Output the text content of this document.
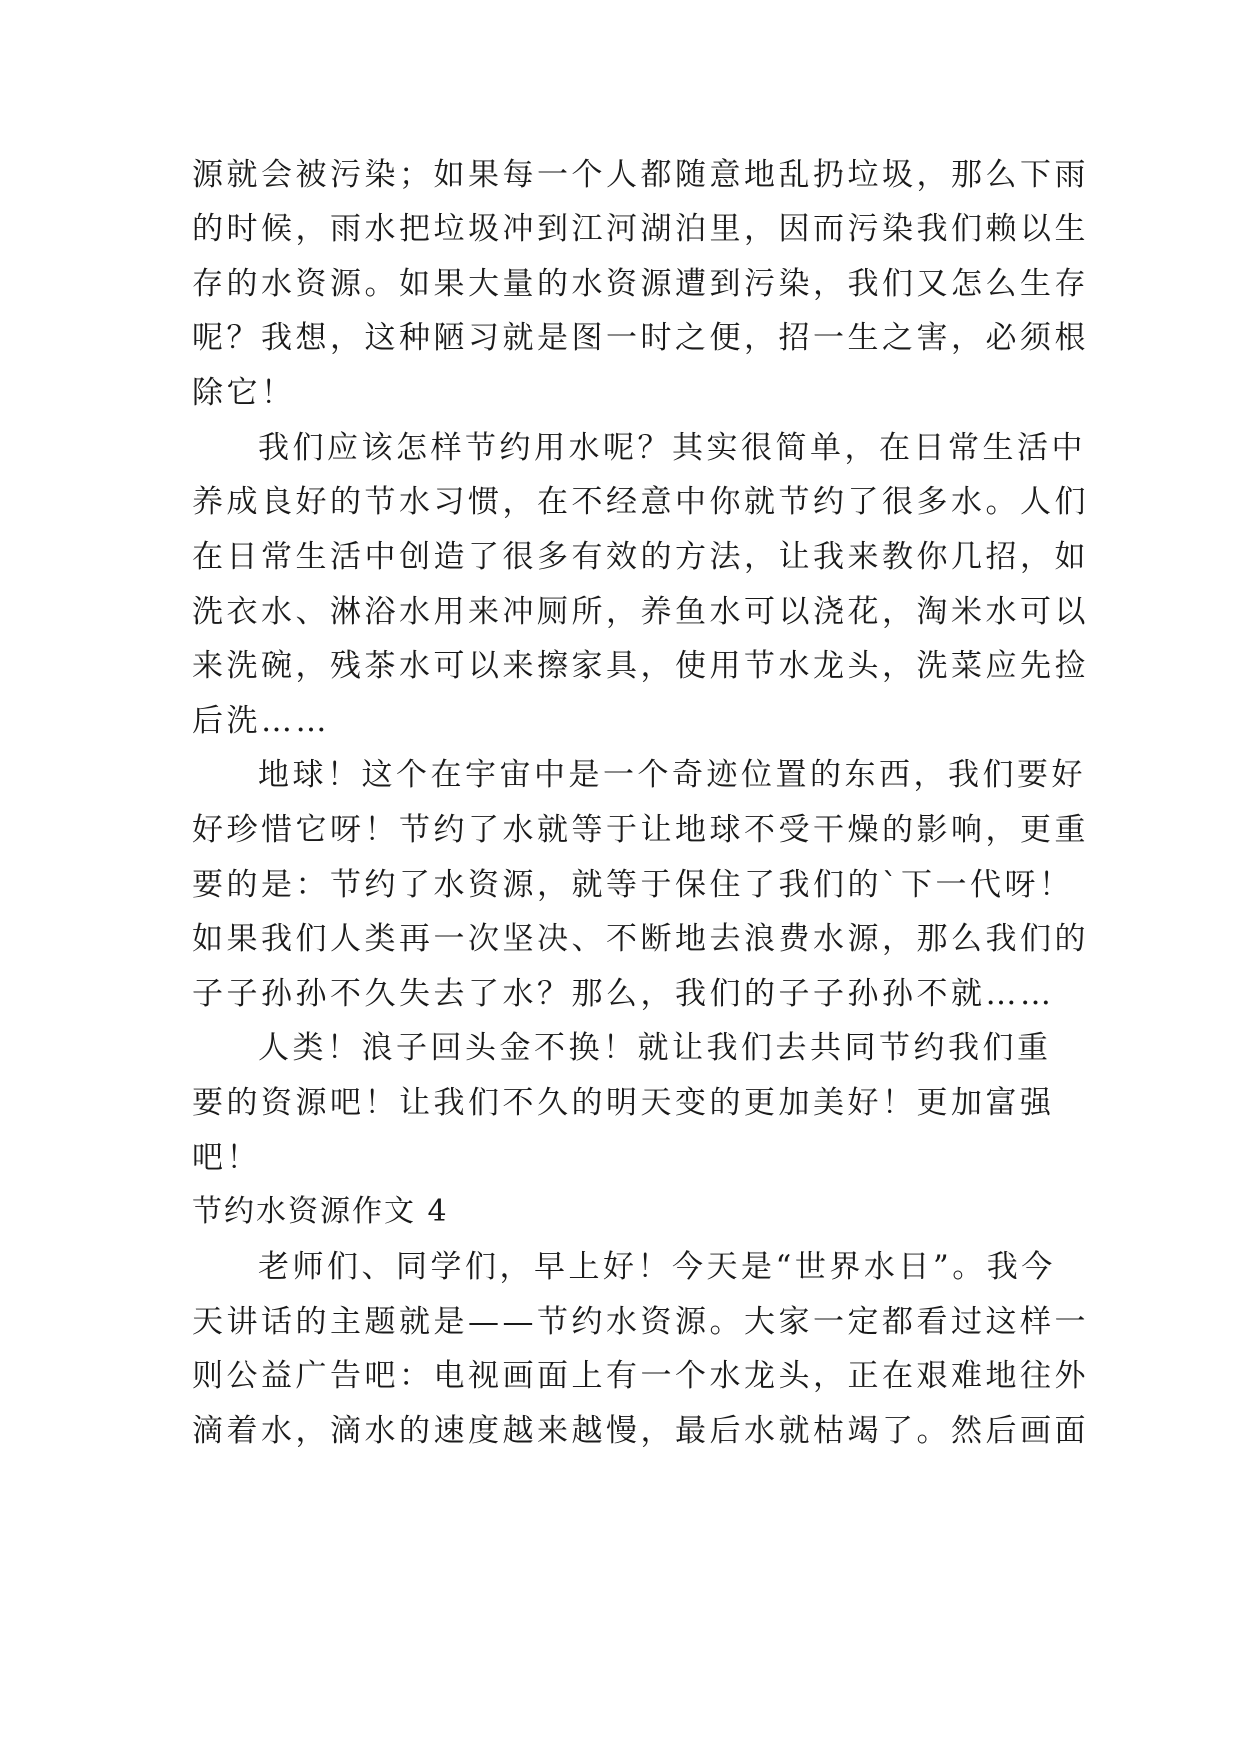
源就会被污染；如果每一个人都随意地乱扔垃圾，那么下雨
的时候，雨水把垃圾冲到江河湖泊里，因而污染我们赖以生
存的水资源。如果大量的水资源遭到污染，我们又怎么生存
呢？我想，这种陋习就是图一时之便，招一生之害，必须根
除它！
我们应该怎样节约用水呢？其实很简单，在日常生活中
养成良好的节水习惯，在不经意中你就节约了很多水。人们
在日常生活中创造了很多有效的方法，让我来教你几招，如
洗衣水、淋浴水用来冲厕所，养鱼水可以浇花，淘米水可以
来洗碗，残茶水可以来擦家具，使用节水龙头，洗菜应先捡
后洗……
地球！这个在宇宙中是一个奇迹位置的东西，我们要好
好珍惜它呀！节约了水就等于让地球不受干燥的影响，更重
要的是：节约了水资源，就等于保住了我们的`下一代呀！
如果我们人类再一次坚决、不断地去浪费水源，那么我们的
子子孙孙不久失去了水？那么，我们的子子孙孙不就……
人类！浪子回头金不换！就让我们去共同节约我们重
要的资源吧！让我们不久的明天变的更加美好！更加富强
吧！
节约水资源作文 4
老师们、同学们，早上好！今天是“世界水日”。我今
天讲话的主题就是——节约水资源。大家一定都看过这样一
则公益广告吧：电视画面上有一个水龙头，正在艰难地往外
滴着水，滴水的速度越来越慢，最后水就枯竭了。然后画面
